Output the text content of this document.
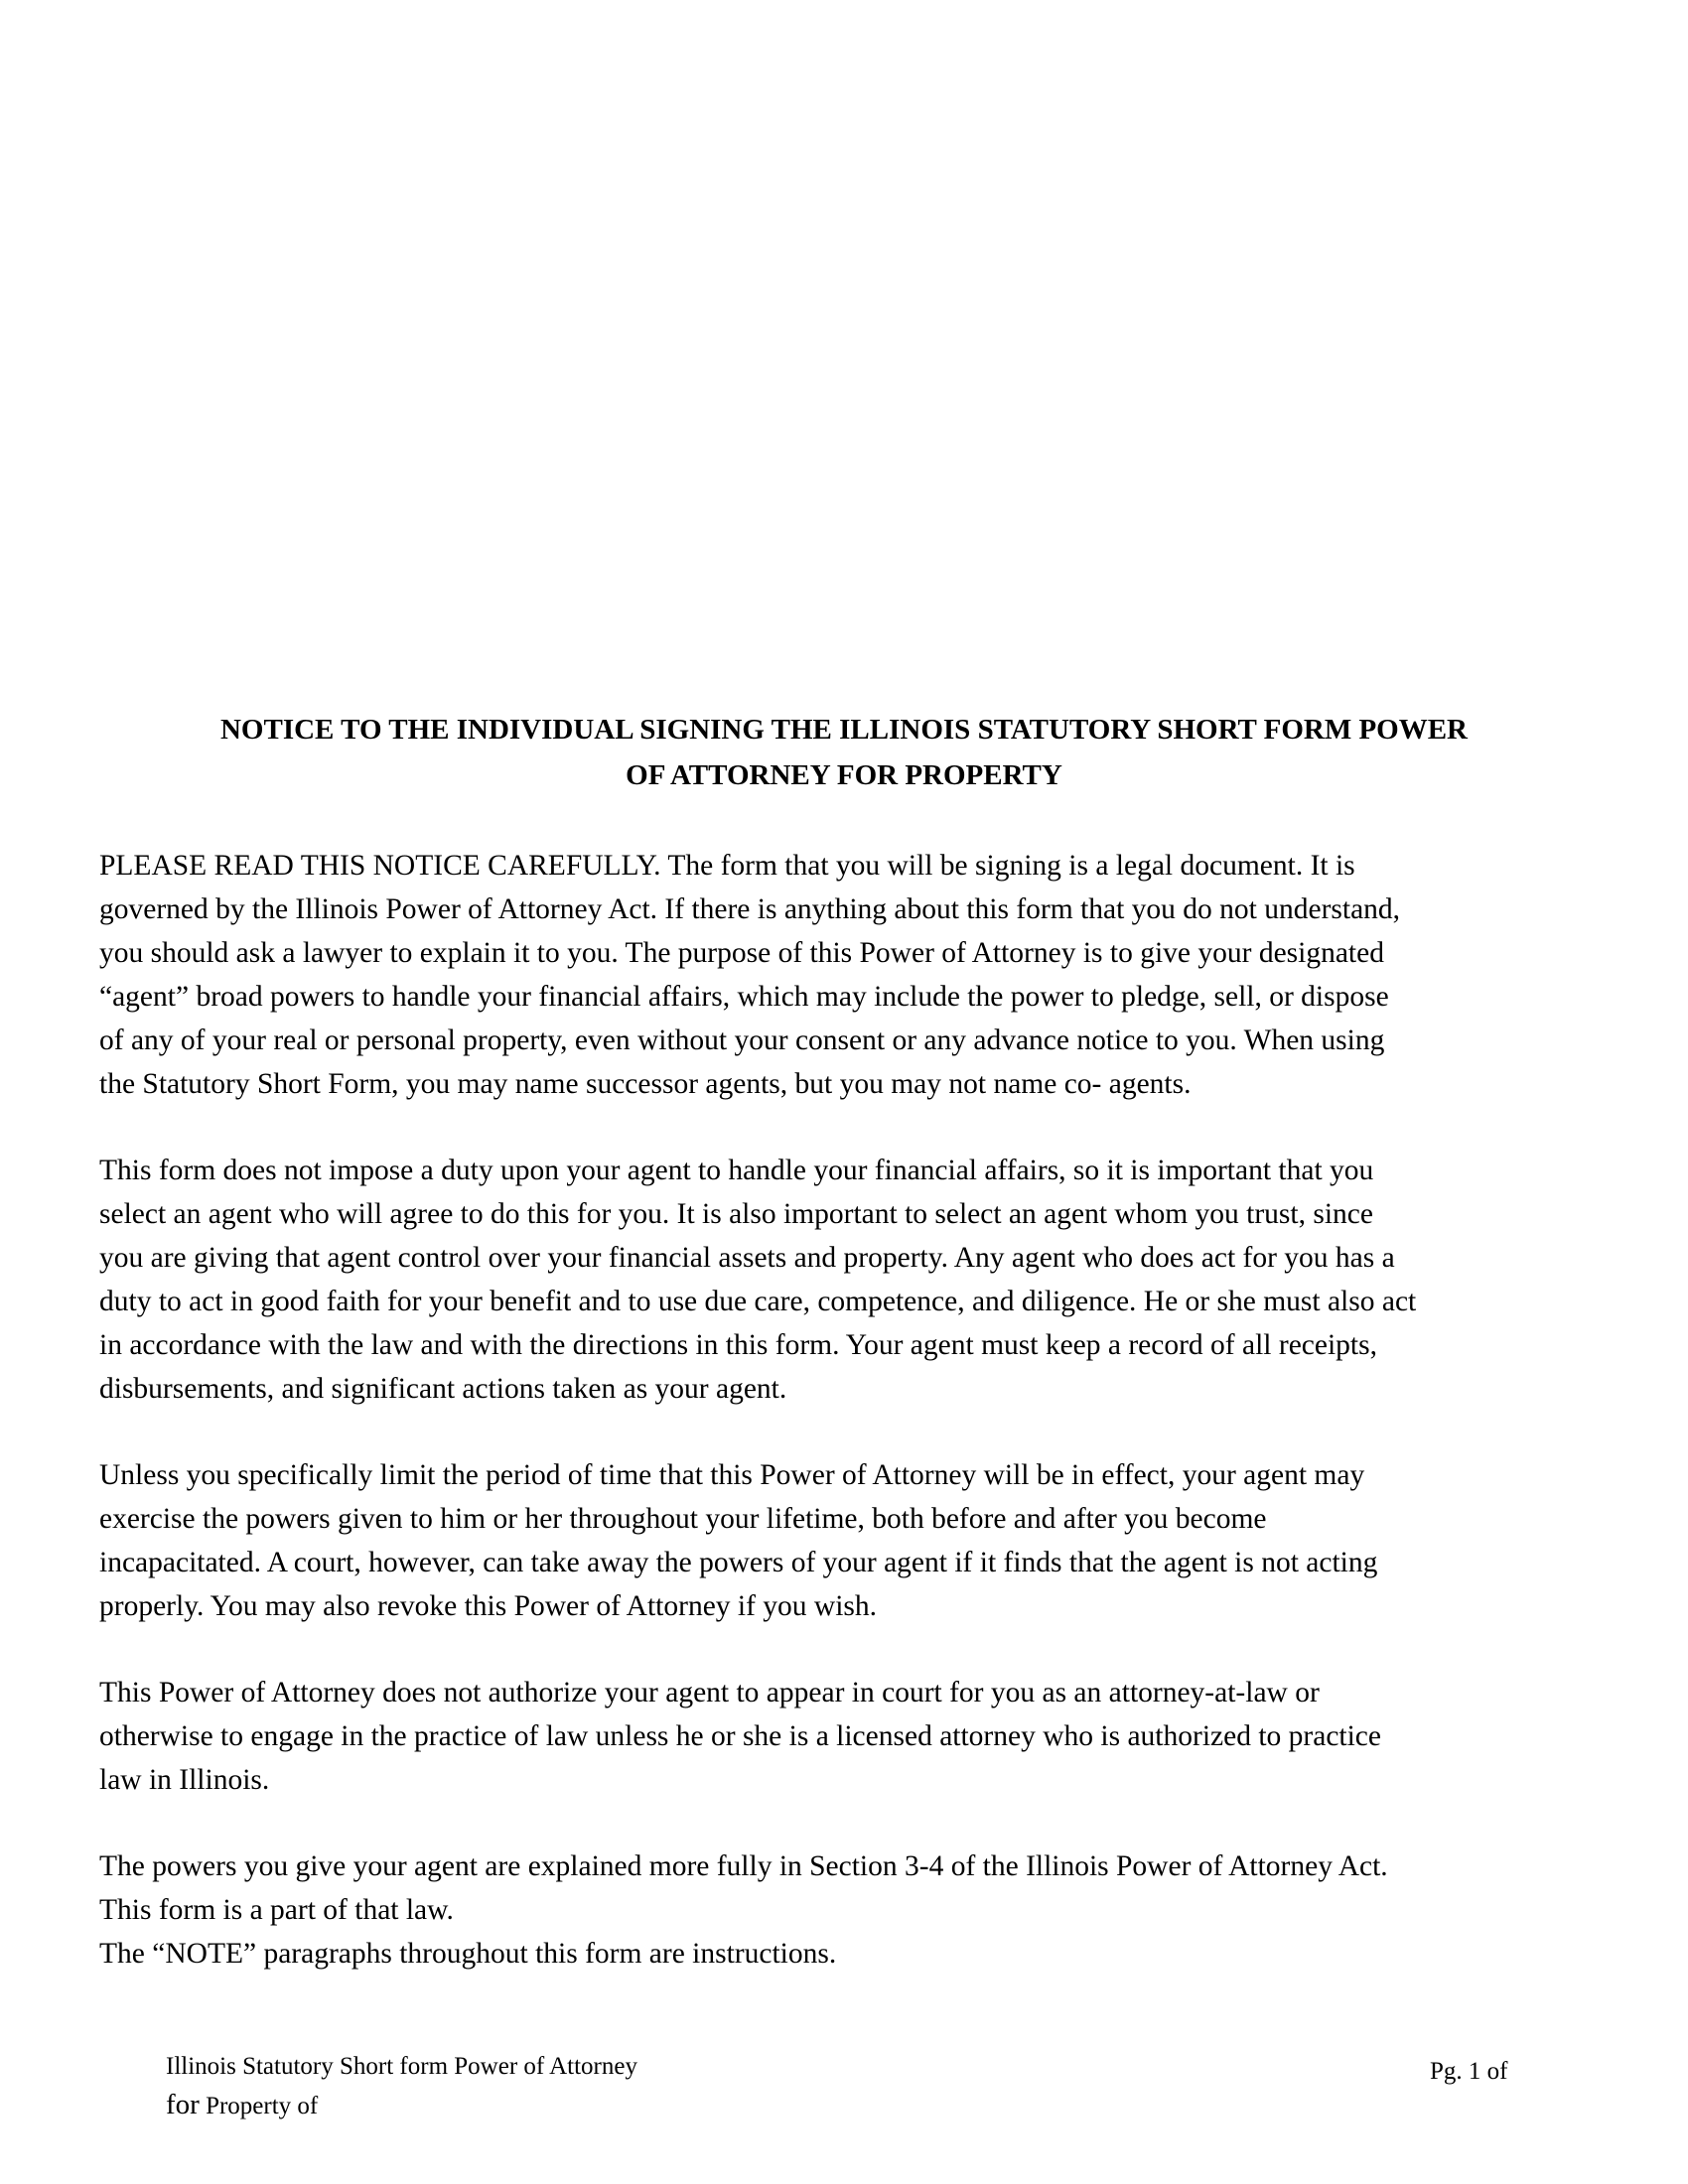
NOTICE TO THE INDIVIDUAL SIGNING THE ILLINOIS STATUTORY SHORT FORM POWER
OF ATTORNEY FOR PROPERTY

PLEASE READ THIS NOTICE CAREFULLY. The form that you will be signing is a legal document. It is
governed by the Illinois Power of Attorney Act. If there is anything about this form that you do not understand,
you should ask a lawyer to explain it to you. The purpose of this Power of Attorney is to give your designated
“agent” broad powers to handle your financial affairs, which may include the power to pledge, sell, or dispose
of any of your real or personal property, even without your consent or any advance notice to you. When using
the Statutory Short Form, you may name successor agents, but you may not name co- agents.

This form does not impose a duty upon your agent to handle your financial affairs, so it is important that you
select an agent who will agree to do this for you. It is also important to select an agent whom you trust, since
you are giving that agent control over your financial assets and property. Any agent who does act for you has a
duty to act in good faith for your benefit and to use due care, competence, and diligence. He or she must also act
in accordance with the law and with the directions in this form. Your agent must keep a record of all receipts,
disbursements, and significant actions taken as your agent.

Unless you specifically limit the period of time that this Power of Attorney will be in effect, your agent may
exercise the powers given to him or her throughout your lifetime, both before and after you become
incapacitated. A court, however, can take away the powers of your agent if it finds that the agent is not acting
properly. You may also revoke this Power of Attorney if you wish.

This Power of Attorney does not authorize your agent to appear in court for you as an attorney-at-law or
otherwise to engage in the practice of law unless he or she is a licensed attorney who is authorized to practice
law in Illinois.

The powers you give your agent are explained more fully in Section 3-4 of the Illinois Power of Attorney Act.
This form is a part of that law.
The “NOTE” paragraphs throughout this form are instructions.

Illinois Statutory Short form Power of Attorney
for Property of
Pg. 1 of
